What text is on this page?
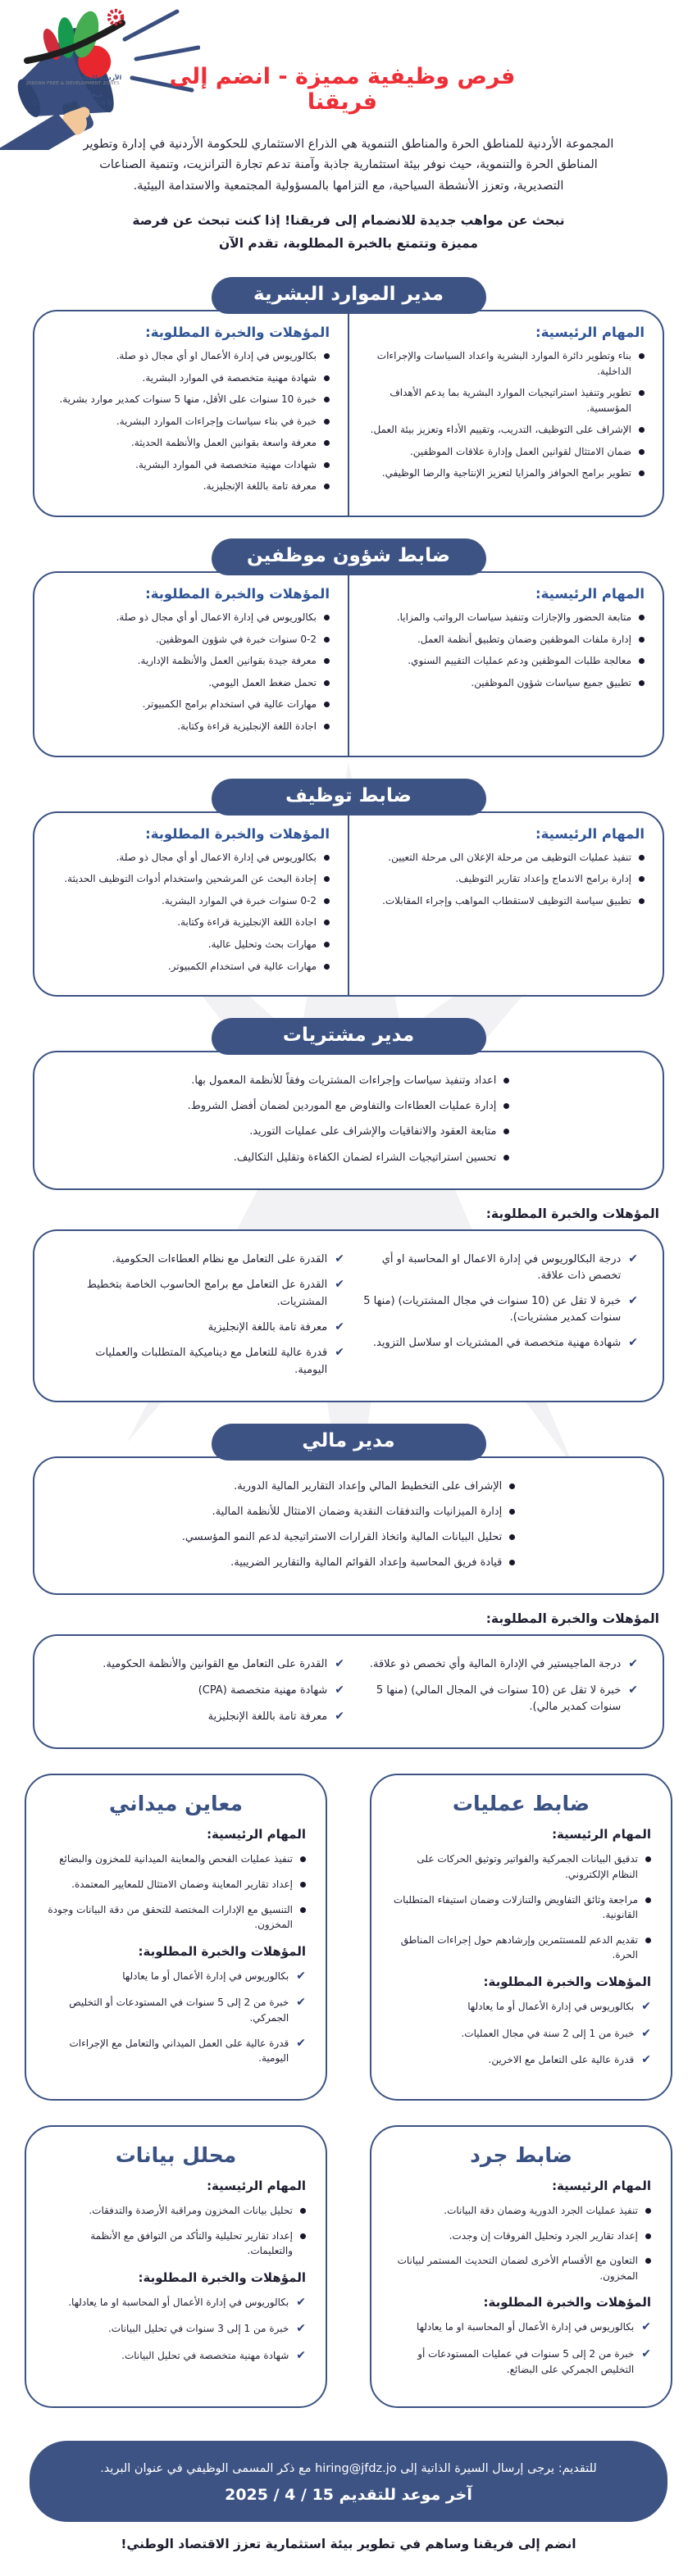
الأردنية للمناطق الحرة والتنموية
JORDAN FREE & DEVELOPMENT ZONES
نـطـوّر الأردن
DEVELOP JORDAN
فرص وظيفية مميزة - انضم إلى فريقنا

المجموعة الأردنية للمناطق الحرة والمناطق التنموية هي الذراع الاستثماري للحكومة الأردنية في إدارة وتطوير المناطق الحرة والتنموية، حيث نوفر بيئة استثمارية جاذبة وآمنة تدعم تجارة الترانزيت، وتنمية الصناعات التصديرية، وتعزز الأنشطة السياحية، مع التزامها بالمسؤولية المجتمعية والاستدامة البيئية.

نبحث عن مواهب جديدة للانضمام إلى فريقنا! إذا كنت تبحث عن فرصة مميزة وتتمتع بالخبرة المطلوبة، تقدم الآن

مدير الموارد البشرية
المهام الرئيسية:
بناء وتطوير دائرة الموارد البشرية واعداد السياسات والإجراءات الداخلية.
تطوير وتنفيذ استراتيجيات الموارد البشرية بما يدعم الأهداف المؤسسية.
الإشراف على التوظيف، التدريب، وتقييم الأداء وتعزيز بيئة العمل.
ضمان الامتثال لقوانين العمل وإدارة علاقات الموظفين.
تطوير برامج الحوافز والمزايا لتعزيز الإنتاجية والرضا الوظيفي.
المؤهلات والخبرة المطلوبة:
بكالوريوس في إدارة الأعمال او أي مجال ذو صلة.
شهادة مهنية متخصصة في الموارد البشرية.
خبرة 10 سنوات على الأقل، منها 5 سنوات كمدير موارد بشرية.
خبرة في بناء سياسات وإجراءات الموارد البشرية.
معرفة واسعة بقوانين العمل والأنظمة الحديثة.
شهادات مهنية متخصصة في الموارد البشرية.
معرفة تامة باللغة الإنجليزية.
ضابط شؤون موظفين
المهام الرئيسية:
متابعة الحضور والإجازات وتنفيذ سياسات الرواتب والمزايا.
إدارة ملفات الموظفين وضمان وتطبيق أنظمة العمل.
معالجة طلبات الموظفين ودعم عمليات التقييم السنوي.
تطبيق جميع سياسات شؤون الموظفين.
المؤهلات والخبرة المطلوبة:
بكالوريوس في إدارة الاعمال أو أي مجال ذو صلة.
0-2 سنوات خبرة في شؤون الموظفين.
معرفة جيدة بقوانين العمل والأنظمة الإدارية.
تحمل ضغط العمل اليومي.
مهارات عالية في استخدام برامج الكمبيوتر.
اجادة اللغة الإنجليزية قراءة وكتابة.
ضابط توظيف
المهام الرئيسية:
تنفيذ عمليات التوظيف من مرحلة الإعلان الى مرحلة التعيين.
إدارة برامج الاندماج وإعداد تقارير التوظيف.
تطبيق سياسة التوظيف لاستقطاب المواهب وإجراء المقابلات.
المؤهلات والخبرة المطلوبة:
بكالوريوس في إدارة الاعمال أو أي مجال ذو صلة.
إجادة البحث عن المرشحين واستخدام أدوات التوظيف الحديثة.
0-2 سنوات خبرة في الموارد البشرية.
اجادة اللغة الإنجليزية قراءة وكتابة.
مهارات بحث وتحليل عالية.
مهارات عالية في استخدام الكمبيوتر.
مدير مشتريات
اعداد وتنفيذ سياسات وإجراءات المشتريات وفقاً للأنظمة المعمول بها.
إدارة عمليات العطاءات والتفاوض مع الموردين لضمان أفضل الشروط.
متابعة العقود والاتفاقيات والإشراف على عمليات التوريد.
تحسين استراتيجيات الشراء لضمان الكفاءة وتقليل التكاليف.
المؤهلات والخبرة المطلوبة:
✔
درجة البكالوريوس في إدارة الاعمال او المحاسبة او أي تخصص ذات علاقة.
✔
خبرة لا تقل عن (10 سنوات في مجال المشتريات) (منها 5 سنوات كمدير مشتريات).
✔
شهادة مهنية متخصصة في المشتريات او سلاسل التزويد.
✔
القدرة على التعامل مع نظام العطاءات الحكومية.
✔
القدرة عل التعامل مع برامج الحاسوب الخاصة بتخطيط المشتريات.
✔
معرفة تامة باللغة الإنجليزية
✔
قدرة عالية للتعامل مع ديناميكية المتطلبات والعمليات اليومية.
مدير مالي
الإشراف على التخطيط المالي وإعداد التقارير المالية الدورية.
إدارة الميزانيات والتدفقات النقدية وضمان الامتثال للأنظمة المالية.
تحليل البيانات المالية واتخاذ القرارات الاستراتيجية لدعم النمو المؤسسي.
قيادة فريق المحاسبة وإعداد القوائم المالية والتقارير الضريبية.
المؤهلات والخبرة المطلوبة:
✔
درجة الماجيستير في الإدارة المالية وأي تخصص ذو علاقة.
✔
خبرة لا تقل عن (10 سنوات في المجال المالي) (منها 5 سنوات كمدير مالي).
✔
القدرة على التعامل مع القوانين والأنظمة الحكومية.
✔
شهادة مهنية متخصصة (CPA)
✔
معرفة تامة باللغة الإنجليزية
ضابط عمليات
المهام الرئيسية:
تدقيق البيانات الجمركية والفواتير وتوثيق الحركات على النظام الإلكتروني.
مراجعة وثائق التفاويض والتنازلات وضمان استيفاء المتطلبات القانونية.
تقديم الدعم للمستثمرين وإرشادهم حول إجراءات المناطق الحرة.
المؤهلات والخبرة المطلوبة:
✔
بكالوريوس في إدارة الأعمال أو ما يعادلها
✔
خبرة من 1 إلى 2 سنة في مجال العمليات.
✔
قدرة عالية على التعامل مع الاخرين.
معاين ميداني
المهام الرئيسية:
تنفيذ عمليات الفحص والمعاينة الميدانية للمخزون والبضائع
إعداد تقارير المعاينة وضمان الامتثال للمعايير المعتمدة.
التنسيق مع الإدارات المختصة للتحقق من دقة البيانات وجودة المخزون.
المؤهلات والخبرة المطلوبة:
✔
بكالوريوس في إدارة الأعمال أو ما يعادلها
✔
خبرة من 2 إلى 5 سنوات في المستودعات أو التخليص الجمركي.
✔
قدرة عالية على العمل الميداني والتعامل مع الإجراءات اليومية.
ضابط جرد
المهام الرئيسية:
تنفيذ عمليات الجرد الدورية وضمان دقة البيانات.
إعداد تقارير الجرد وتحليل الفروقات إن وجدت.
التعاون مع الأقسام الأخرى لضمان التحديث المستمر لبيانات المخزون.
المؤهلات والخبرة المطلوبة:
✔
بكالوريوس في إدارة الأعمال أو المحاسبة او ما يعادلها
✔
خبرة من 2 إلى 5 سنوات في عمليات المستودعات أو التخليص الجمركي على البضائع.
محلل بيانات
المهام الرئيسية:
تحليل بيانات المخزون ومراقبة الأرصدة والتدفقات.
إعداد تقارير تحليلية والتأكد من التوافق مع الأنظمة والتعليمات.
المؤهلات والخبرة المطلوبة:
✔
بكالوريوس في إدارة الأعمال أو المحاسبة او ما يعادلها.
✔
خبرة من 1 إلى 3 سنوات في تحليل البيانات.
✔
شهادة مهنية متخصصة في تحليل البيانات.

للتقديم: يرجى إرسال السيرة الذاتية إلى hiring@jfdz.jo مع ذكر المسمى الوظيفي في عنوان البريد.

آخر موعد للتقديم 15 / 4 / 2025

انضم إلى فريقنا وساهم في تطوير بيئة استثمارية تعزز الاقتصاد الوطني!
